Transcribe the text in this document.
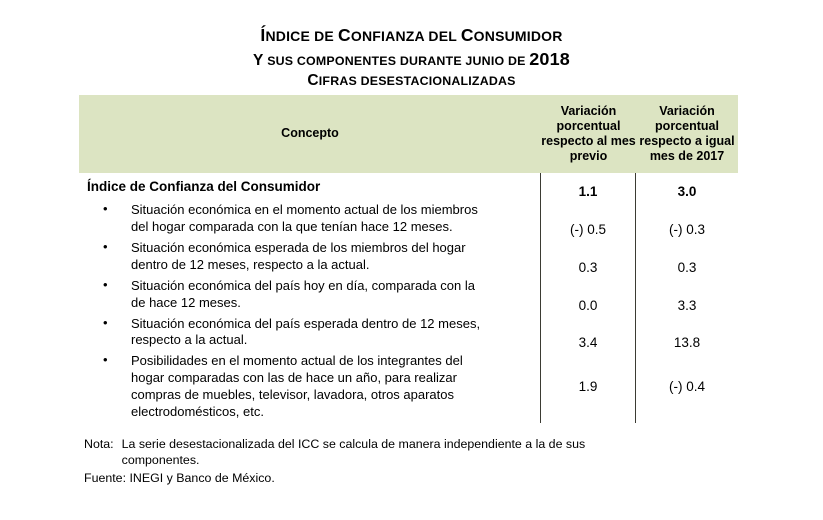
ÍNDICE DE CONFIANZA DEL CONSUMIDOR
Y SUS COMPONENTES DURANTE JUNIO DE 2018
CIFRAS DESESTACIONALIZADAS
Concepto	Variación porcentual respecto al mes previo	Variación porcentual respecto a igual mes de 2017

Índice de Confianza del Consumidor	1.1	3.0
• Situación económica en el momento actual de los miembros
del hogar comparada con la que tenían hace 12 meses.	(-) 0.5	(-) 0.3
• Situación económica esperada de los miembros del hogar
dentro de 12 meses, respecto a la actual.	0.3	0.3
• Situación económica del país hoy en día, comparada con la
de hace 12 meses.	0.0	3.3
• Situación económica del país esperada dentro de 12 meses,
respecto a la actual.	3.4	13.8
• Posibilidades en el momento actual de los integrantes del
hogar comparadas con las de hace un año, para realizar
compras de muebles, televisor, lavadora, otros aparatos
electrodomésticos, etc.
1.9	(-) 0.4

Nota: La serie desestacionalizada del ICC se calcula de manera independiente a la de sus
componentes.
Fuente: INEGI y Banco de México.
